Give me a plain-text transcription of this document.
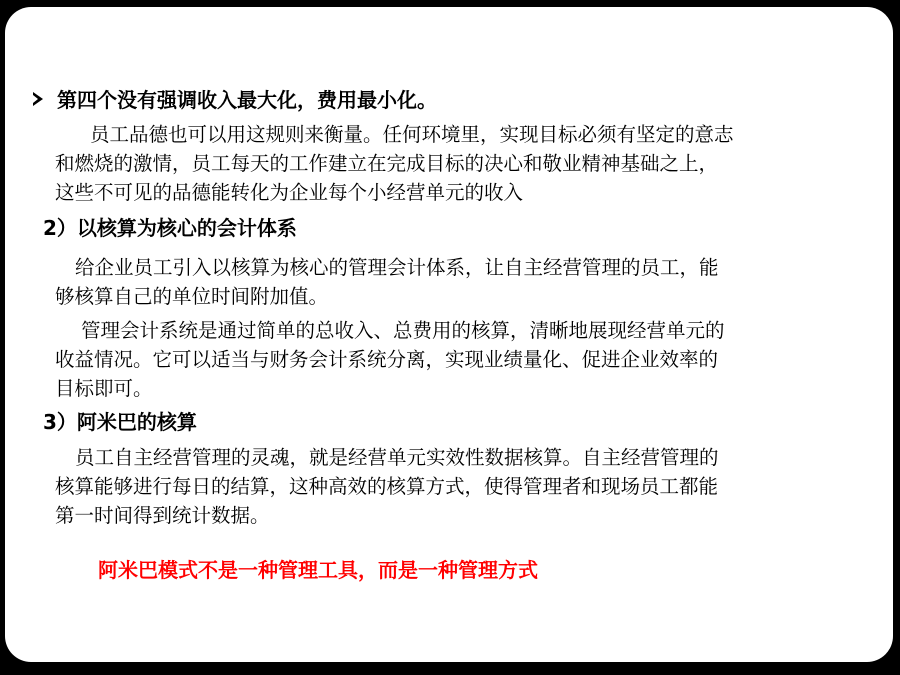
第四个没有强调收入最大化，费用最小化。
员工品德也可以用这规则来衡量。任何环境里，实现目标必须有坚定的意志
和燃烧的激情，员工每天的工作建立在完成目标的决心和敬业精神基础之上，
这些不可见的品德能转化为企业每个小经营单元的收入
2）以核算为核心的会计体系
给企业员工引入以核算为核心的管理会计体系，让自主经营管理的员工，能
够核算自己的单位时间附加值。
管理会计系统是通过简单的总收入、总费用的核算，清晰地展现经营单元的
收益情况。它可以适当与财务会计系统分离，实现业绩量化、促进企业效率的
目标即可。
3）阿米巴的核算
员工自主经营管理的灵魂，就是经营单元实效性数据核算。自主经营管理的
核算能够进行每日的结算，这种高效的核算方式，使得管理者和现场员工都能
第一时间得到统计数据。
阿米巴模式不是一种管理工具，而是一种管理方式
